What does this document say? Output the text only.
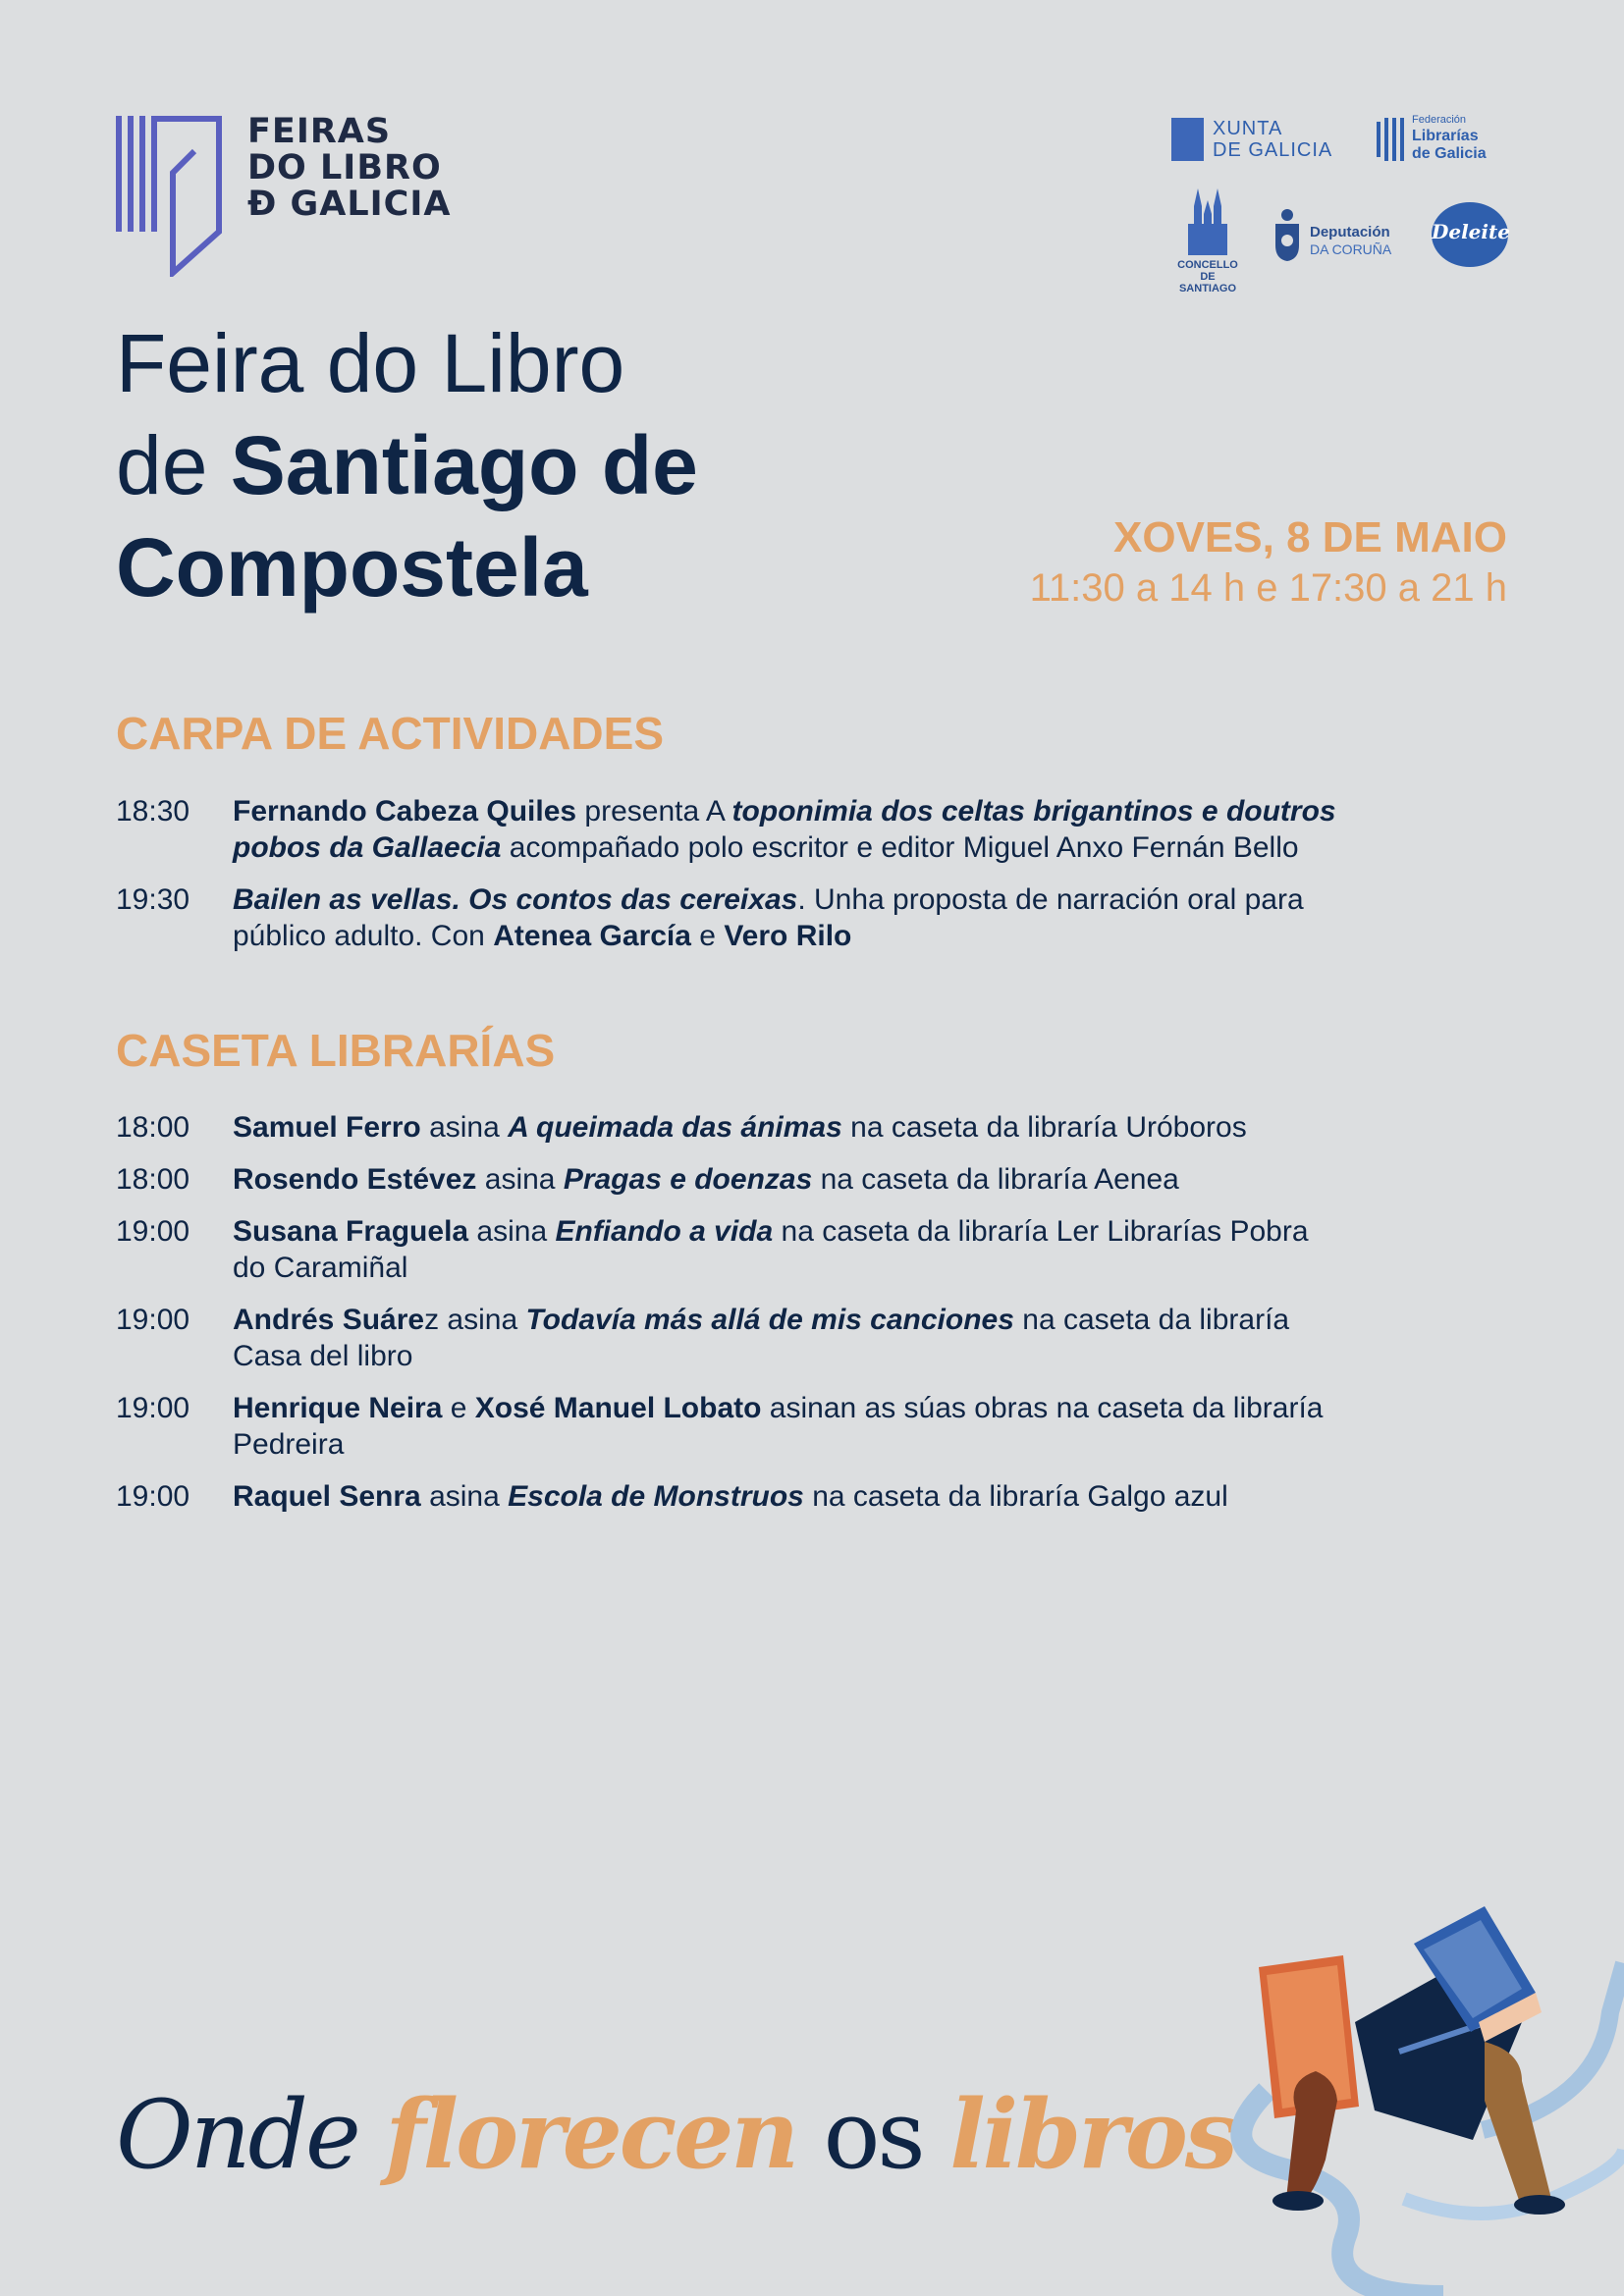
FEIRAS
DO LIBRO
Ð GALICIA
XUNTA
DE GALICIA
Federación
Librarías
de Galicia
CONCELLO DE
SANTIAGO
Deputación
DA CORUÑA
Deleite
Feira do Libro
de Santiago de
Compostela	XOVES, 8 DE MAIO
11:30 a 14 h e 17:30 a 21 h
CARPA DE ACTIVIDADES
18:30	Fernando Cabeza Quiles presenta A toponimia dos celtas brigantinos e doutros pobos da Gallaecia acompañado polo escritor e editor Miguel Anxo Fernán Bello
19:30	Bailen as vellas. Os contos das cereixas. Unha proposta de narración oral para público adulto. Con Atenea García e Vero Rilo
CASETA LIBRARÍAS
18:00	Samuel Ferro asina A queimada das ánimas na caseta da libraría Uróboros
18:00	Rosendo Estévez asina Pragas e doenzas na caseta da libraría Aenea
19:00	Susana Fraguela asina Enfiando a vida na caseta da libraría Ler Librarías Pobra do Caramiñal
19:00	Andrés Suárez asina Todavía más allá de mis canciones na caseta da libraría Casa del libro
19:00	Henrique Neira e Xosé Manuel Lobato asinan as súas obras na caseta da libraría Pedreira
19:00	Raquel Senra asina Escola de Monstruos na caseta da libraría Galgo azul
Onde florecen os libros
